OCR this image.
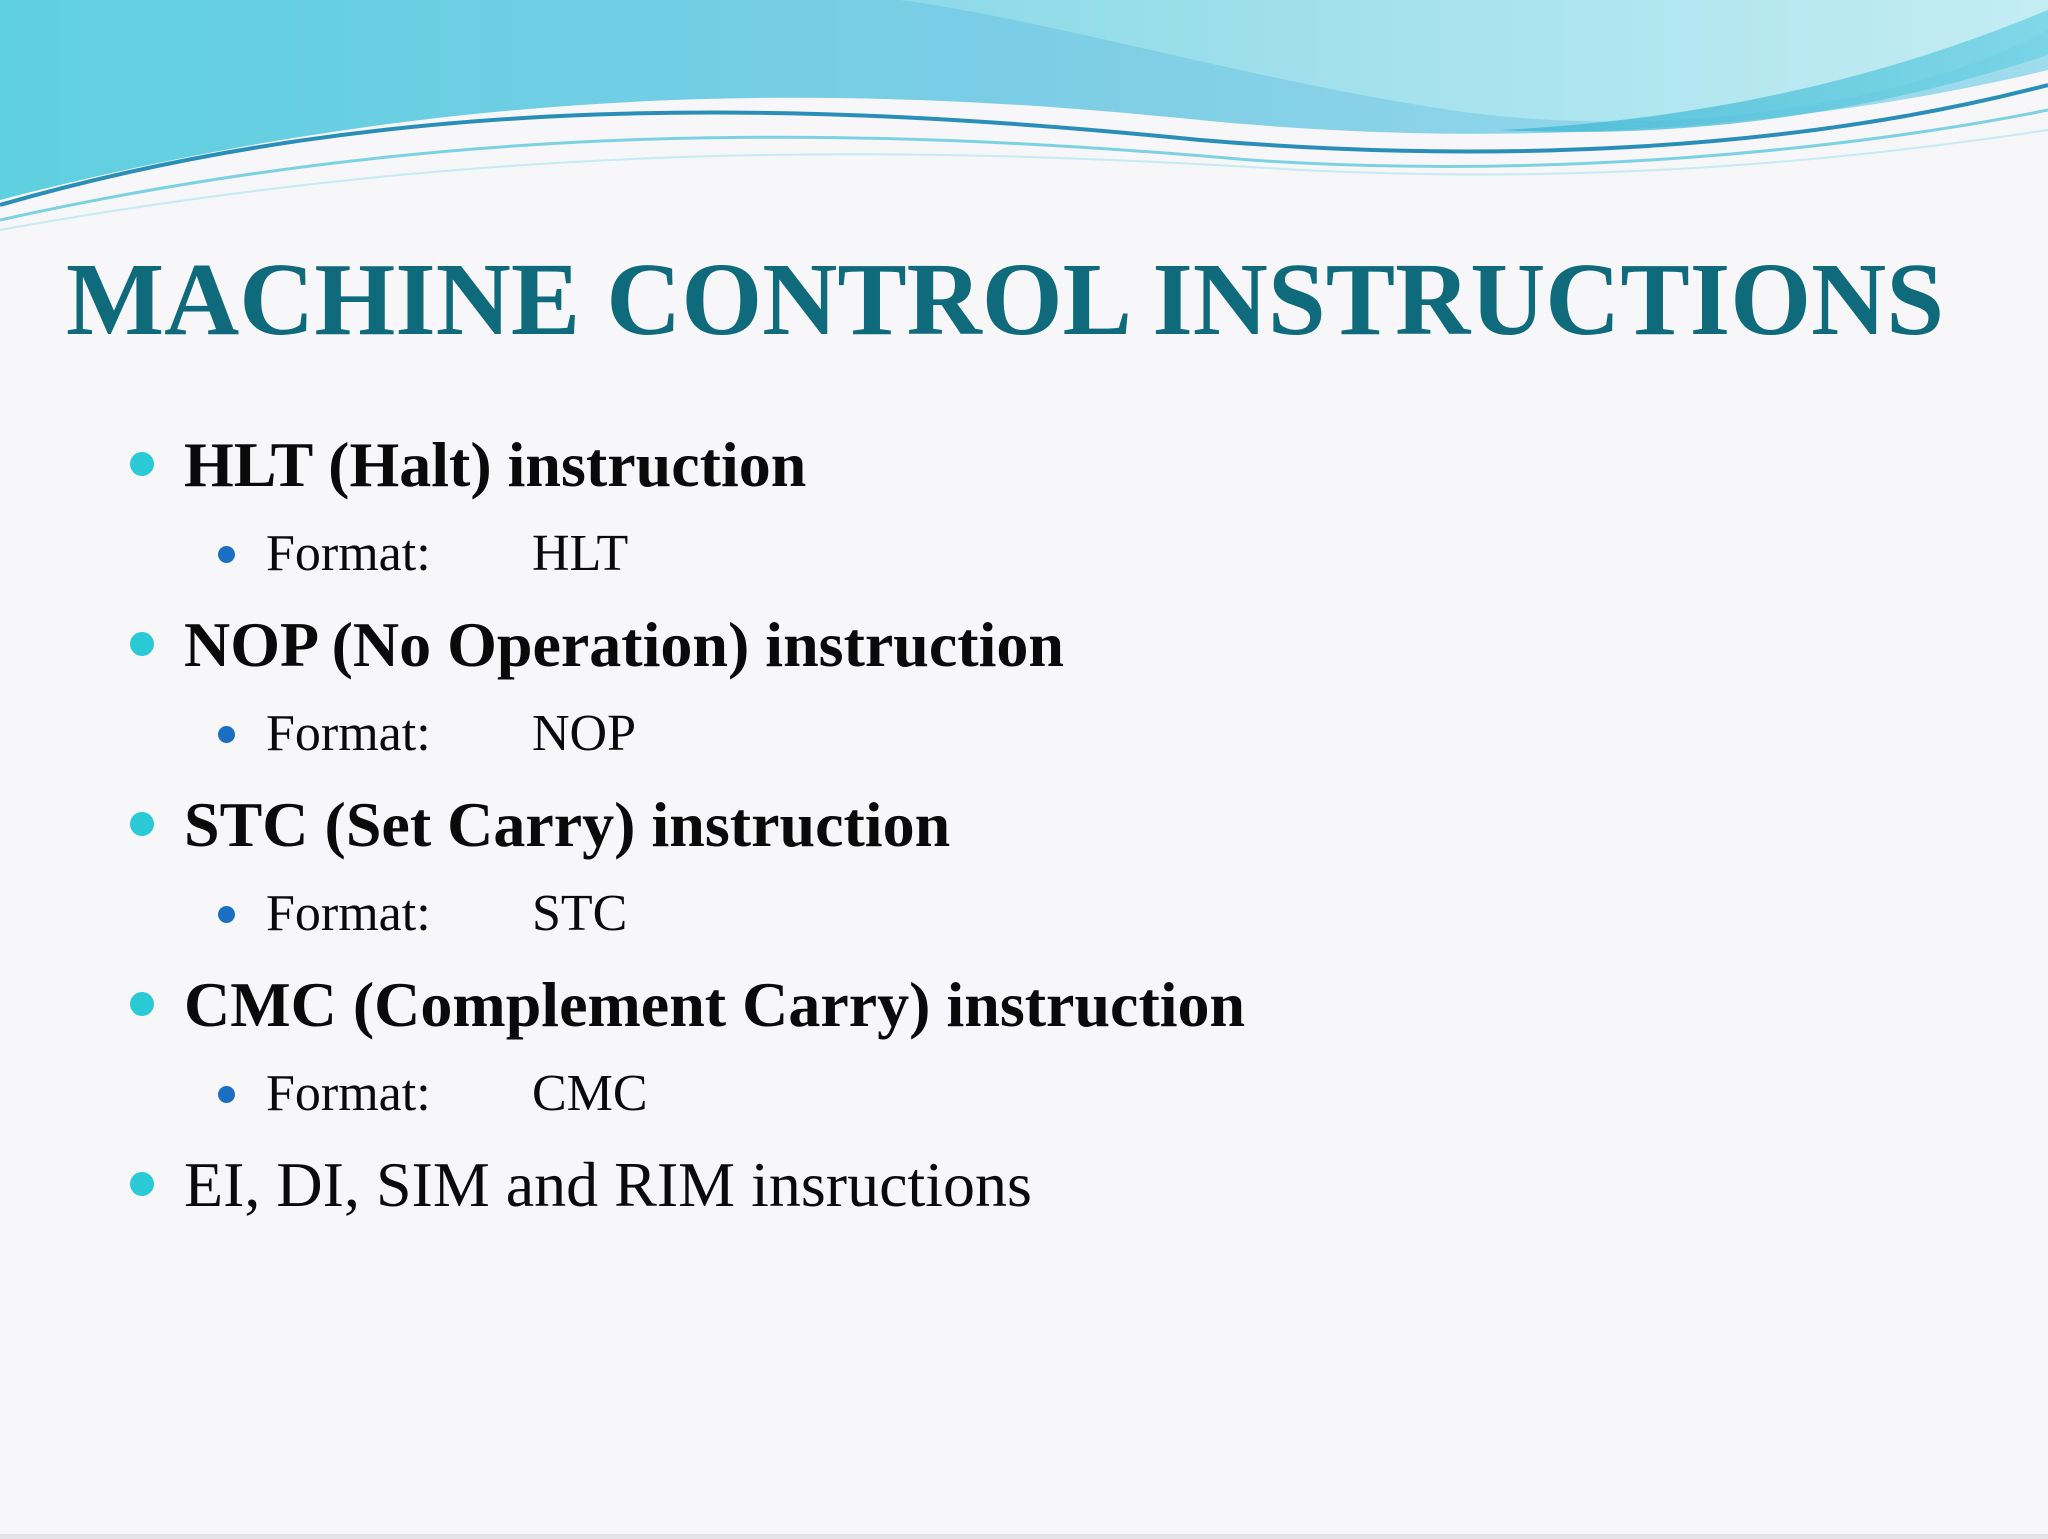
MACHINE CONTROL INSTRUCTIONS
HLT (Halt) instruction
Format: HLT
NOP (No Operation) instruction
Format: NOP
STC (Set Carry) instruction
Format: STC
CMC (Complement Carry) instruction
Format: CMC
EI, DI, SIM and RIM insructions
